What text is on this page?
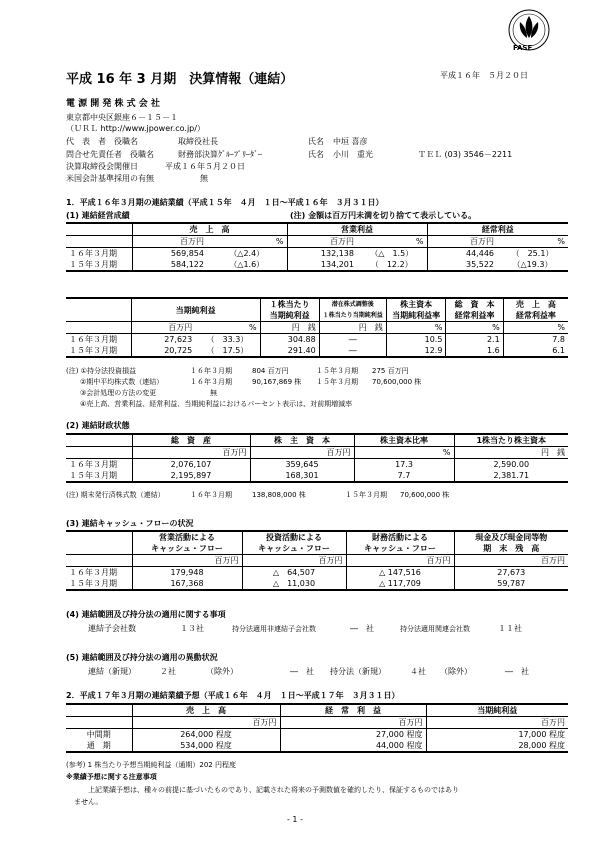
FASF
平成 16 年 3 月期　決算情報（連結）	平成１６年　５月２０日
電 源 開 発 株 式 会 社
東京都中央区銀座６－１５－１
（ＵＲＬ http://www.jpower.co.jp/）
代　表　者　役職名	取締役社長	氏名 中垣 喜彦
問合せ先責任者　役職名	財務部決算ｸﾞﾙｰﾌﾟﾘｰﾀﾞｰ	氏名 小川　重光	ＴＥＬ (03) 3546－2211
決算取締役会開催日	平成１６年５月２０日
米国会計基準採用の有無	無
1．平成１６年３月期の連結業績（平成１５年　４月　１日～平成１６年　３月３１日）
(1) 連結経営成績	(注) 金額は百万円未満を切り捨てて表示している。
	売　上　高		営業利益		経常利益	
	百万円	%	百万円	%	百万円	%
１６年３月期	569,854	（△2.4）	132,138	（△　1.5）	44,446	（　25.1）
１５年３月期	584,122	（△1.6）	134,201	（　12.2）	35,522	（△19.3）
	当期純利益		１株当たり	潜在株式調整後	株主資本	総　資　本	売　上　高
			当期純利益	１株当たり当期純利益	当期純利益率	経常利益率	経常利益率
	百万円	%	円　銭	円　銭	%	%	%
１６年３月期	27,623	（　33.3）	304.88	―	10.5	2.1	7.8
１５年３月期	20,725	（　17.5）	291.40	―	12.9	1.6	6.1
(注) ①持分法投資損益	１６年３月期	804 百万円	１５年３月期 275 百万円
②期中平均株式数（連結）	１６年３月期	90,167,869 株 １５年３月期 70,600,000 株
③会計処理の方法の変更	無
④売上高、営業利益、経常利益、当期純利益におけるパーセント表示は、対前期増減率
(2) 連結財政状態
	総　資　産	株　主　資　本	株主資本比率	1株当たり株主資本
	百万円	百万円	%	円　銭
１６年３月期	2,076,107	359,645	17.3	2,590.00
１５年３月期	2,195,897	168,301	7.7	2,381.71
(注) 期末発行済株式数（連結）	１６年３月期	138,808,000 株	１５年３月期 70,600,000 株
(3) 連結キャッシュ・フローの状況
	営業活動による	投資活動による	財務活動による	現金及び現金同等物
	キャッシュ・フロー	キャッシュ・フロー	キャッシュ・フロー	期　末　残　高
	百万円	百万円	百万円	百万円
１６年３月期	179,948	△　64,507	△ 147,516	27,673
１５年３月期	167,368	△　11,030	△ 117,709	59,787
(4) 連結範囲及び持分法の適用に関する事項
連結子会社数	１３社	持分法適用非連結子会社数	―　社	持分法適用関連会社数	１１社
(5) 連結範囲及び持分法の適用の異動状況
連結（新規）	２社	（除外）	―　社 持分法（新規）	４社 （除外）	―　社
2．平成１７年３月期の連結業績予想（平成１６年　４月　１日～平成１７年　３月３１日）
	売　上　高	経　常　利　益	当期純利益
	百万円	百万円	百万円
中間期	264,000 程度	27,000 程度	17,000 程度
通　期	534,000 程度	44,000 程度	28,000 程度
(参考) 1 株当たり予想当期純利益（通期）202 円程度
※業績予想に関する注意事項
上記業績予想は、種々の前提に基づいたものであり、記載された将来の予測数値を確約したり、保証するものではあり
ません。
- 1 -
